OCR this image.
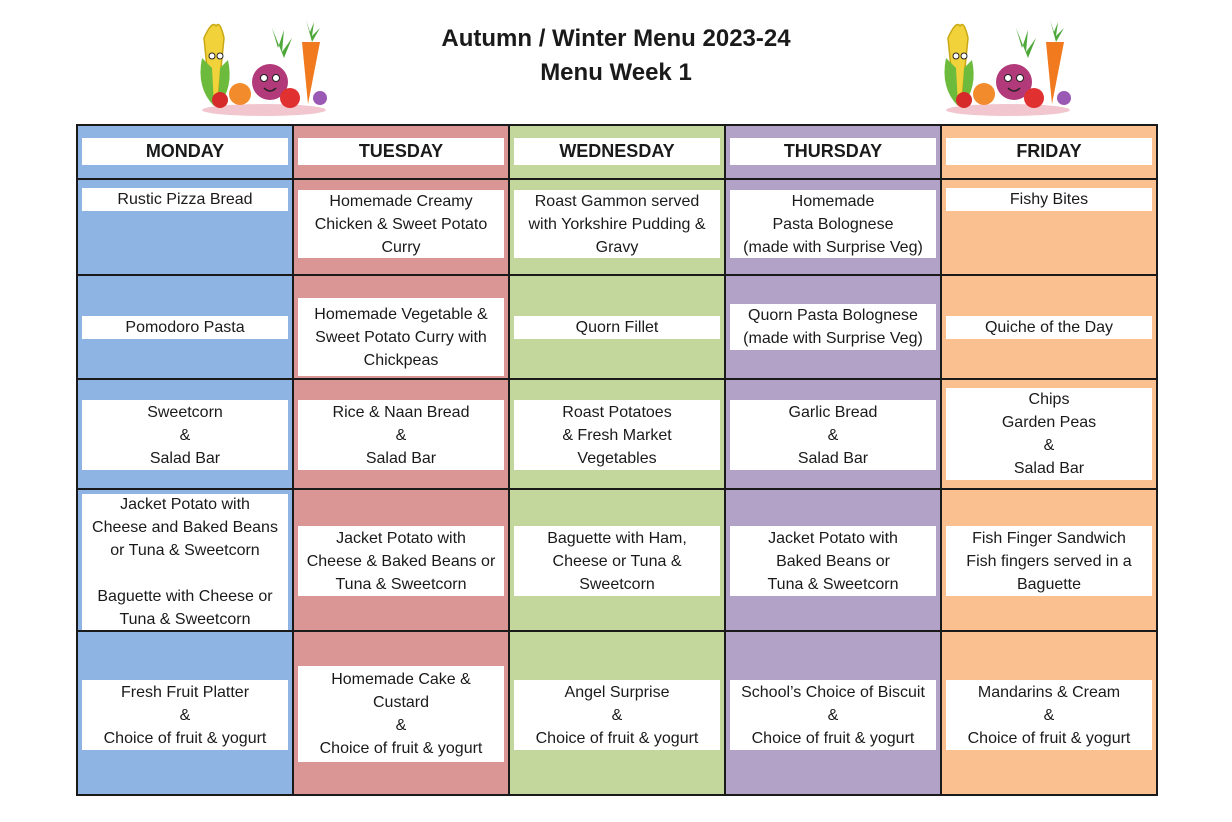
Autumn / Winter Menu 2023-24
Menu Week 1
MONDAY
Rustic Pizza Bread
Pomodoro Pasta
Sweetcorn
&
Salad Bar
Jacket Potato with
Cheese and Baked Beans
or Tuna & Sweetcorn

Baguette with Cheese or
Tuna & Sweetcorn
Fresh Fruit Platter
&
Choice of fruit & yogurt
TUESDAY
Homemade Creamy
Chicken & Sweet Potato
Curry
Homemade Vegetable &
Sweet Potato Curry with
Chickpeas
Rice & Naan Bread
&
Salad Bar
Jacket Potato with
Cheese & Baked Beans or
Tuna & Sweetcorn
Homemade Cake &
Custard
&
Choice of fruit & yogurt
WEDNESDAY
Roast Gammon served
with Yorkshire Pudding &
Gravy
Quorn Fillet
Roast Potatoes
& Fresh Market
Vegetables
Baguette with Ham,
Cheese or Tuna &
Sweetcorn
Angel Surprise
&
Choice of fruit & yogurt
THURSDAY
Homemade
Pasta Bolognese
(made with Surprise Veg)
Quorn Pasta Bolognese
(made with Surprise Veg)
Garlic Bread
&
Salad Bar
Jacket Potato with
Baked Beans or
Tuna & Sweetcorn
School’s Choice of Biscuit
&
Choice of fruit & yogurt
FRIDAY
Fishy Bites
Quiche of the Day
Chips
Garden Peas
&
Salad Bar
Fish Finger Sandwich
Fish fingers served in a
Baguette
Mandarins & Cream
&
Choice of fruit & yogurt
